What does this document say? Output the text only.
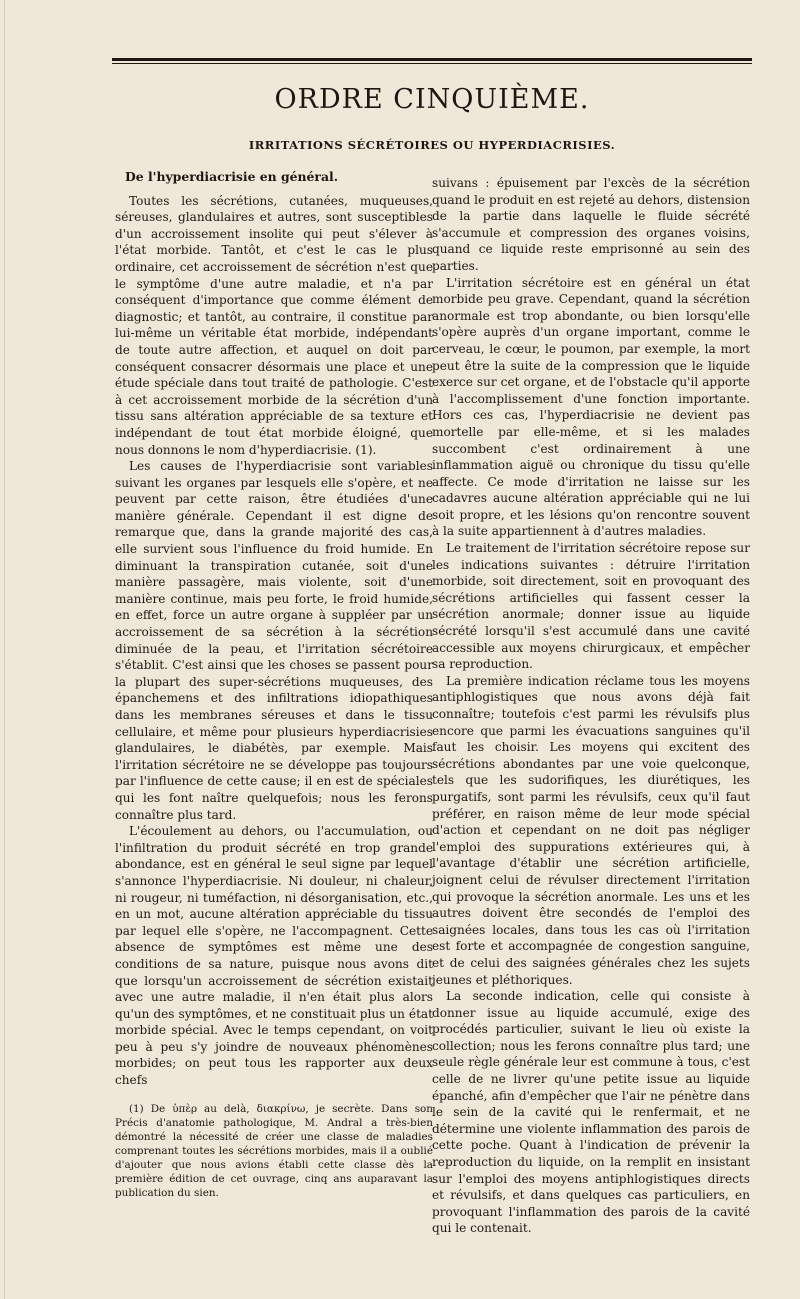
ORDRE CINQUIÈME.
IRRITATIONS SÉCRÉTOIRES OU HYPERDIACRISIES.

De l'hyperdiacrisie en général.

Toutes les sécrétions, cutanées, muqueuses, séreuses, glandulaires et autres, sont susceptibles d'un accroissement insolite qui peut s'élever à l'état morbide. Tantôt, et c'est le cas le plus ordinaire, cet accroissement de sécrétion n'est que le symptôme d'une autre maladie, et n'a par conséquent d'importance que comme élément de diagnostic; et tantôt, au contraire, il constitue par lui-même un véritable état morbide, indépendant de toute autre affection, et auquel on doit par conséquent consacrer désormais une place et une étude spéciale dans tout traité de pathologie. C'est à cet accroissement morbide de la sécrétion d'un tissu sans altération appréciable de sa texture et indépendant de tout état morbide éloigné, que nous donnons le nom d'hyperdiacrisie. (1).

Les causes de l'hyperdiacrisie sont variables suivant les organes par lesquels elle s'opère, et ne peuvent par cette raison, être étudiées d'une manière générale. Cependant il est digne de remarque que, dans la grande majorité des cas, elle survient sous l'influence du froid humide. En diminuant la transpiration cutanée, soit d'une manière passagère, mais violente, soit d'une manière continue, mais peu forte, le froid humide, en effet, force un autre organe à suppléer par un accroissement de sa sécrétion à la sécrétion diminuée de la peau, et l'irritation sécrétoire s'établit. C'est ainsi que les choses se passent pour la plupart des super-sécrétions muqueuses, des épanchemens et des infiltrations idiopathiques dans les membranes séreuses et dans le tissu cellulaire, et même pour plusieurs hyperdiacrisies glandulaires, le diabétès, par exemple. Mais l'irritation sécrétoire ne se développe pas toujours par l'influence de cette cause; il en est de spéciales qui les font naître quelquefois; nous les ferons connaître plus tard.

L'écoulement au dehors, ou l'accumulation, ou l'infiltration du produit sécrété en trop grande abondance, est en général le seul signe par lequel s'annonce l'hyperdiacrisie. Ni douleur, ni chaleur, ni rougeur, ni tuméfaction, ni désorganisation, etc., en un mot, aucune altération appréciable du tissu par lequel elle s'opère, ne l'accompagnent. Cette absence de symptômes est même une des conditions de sa nature, puisque nous avons dit que lorsqu'un accroissement de sécrétion existait avec une autre maladie, il n'en était plus alors qu'un des symptômes, et ne constituait plus un état morbide spécial. Avec le temps cependant, on voit peu à peu s'y joindre de nouveaux phénomènes morbides; on peut tous les rapporter aux deux chefs

(1) De ὑπὲρ au delà, διακρίνω, je secrète. Dans son Précis d'anatomie pathologique, M. Andral a très-bien démontré la nécessité de créer une classe de maladies comprenant toutes les sécrétions morbides, mais il a oublié d'ajouter que nous avions établi cette classe dès la première édition de cet ouvrage, cinq ans auparavant la publication du sien.

suivans : épuisement par l'excès de la sécrétion quand le produit en est rejeté au dehors, distension de la partie dans laquelle le fluide sécrété s'accumule et compression des organes voisins, quand ce liquide reste emprisonné au sein des parties.

L'irritation sécrétoire est en général un état morbide peu grave. Cependant, quand la sécrétion anormale est trop abondante, ou bien lorsqu'elle s'opère auprès d'un organe important, comme le cerveau, le cœur, le poumon, par exemple, la mort peut être la suite de la compression que le liquide exerce sur cet organe, et de l'obstacle qu'il apporte à l'accomplissement d'une fonction importante. Hors ces cas, l'hyperdiacrisie ne devient pas mortelle par elle-même, et si les malades succombent c'est ordinairement à une inflammation aiguë ou chronique du tissu qu'elle affecte. Ce mode d'irritation ne laisse sur les cadavres aucune altération appréciable qui ne lui soit propre, et les lésions qu'on rencontre souvent à la suite appartiennent à d'autres maladies.

Le traitement de l'irritation sécrétoire repose sur les indications suivantes : détruire l'irritation morbide, soit directement, soit en provoquant des sécrétions artificielles qui fassent cesser la sécrétion anormale; donner issue au liquide sécrété lorsqu'il s'est accumulé dans une cavité accessible aux moyens chirurgicaux, et empêcher sa reproduction.

La première indication réclame tous les moyens antiphlogistiques que nous avons déjà fait connaître; toutefois c'est parmi les révulsifs plus encore que parmi les évacuations sanguines qu'il faut les choisir. Les moyens qui excitent des sécrétions abondantes par une voie quelconque, tels que les sudorifiques, les diurétiques, les purgatifs, sont parmi les révulsifs, ceux qu'il faut préférer, en raison même de leur mode spécial d'action et cependant on ne doit pas négliger l'emploi des suppurations extérieures qui, à l'avantage d'établir une sécrétion artificielle, joignent celui de révulser directement l'irritation qui provoque la sécrétion anormale. Les uns et les autres doivent être secondés de l'emploi des saignées locales, dans tous les cas où l'irritation est forte et accompagnée de congestion sanguine, et de celui des saignées générales chez les sujets jeunes et pléthoriques.

La seconde indication, celle qui consiste à donner issue au liquide accumulé, exige des procédés particulier, suivant le lieu où existe la collection; nous les ferons connaître plus tard; une seule règle générale leur est commune à tous, c'est celle de ne livrer qu'une petite issue au liquide épanché, afin d'empêcher que l'air ne pénètre dans le sein de la cavité qui le renfermait, et ne détermine une violente inflammation des parois de cette poche. Quant à l'indication de prévenir la reproduction du liquide, on la remplit en insistant sur l'emploi des moyens antiphlogistiques directs et révulsifs, et dans quelques cas particuliers, en provoquant l'inflammation des parois de la cavité qui le contenait.
